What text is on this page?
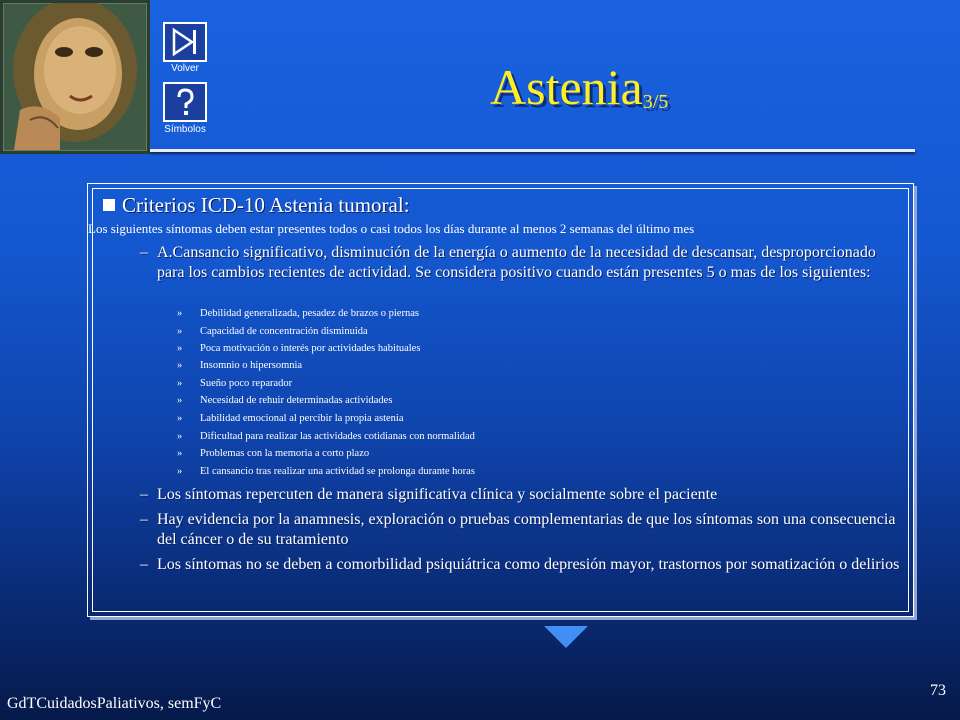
Volver
Símbolos
Astenia$_{3/5}$
Criterios ICD-10 Astenia tumoral:
Los siguientes síntomas deben estar presentes todos o casi todos los días durante al menos 2 semanas del último mes
– A.Cansancio significativo, disminución de la energía o aumento de la necesidad de descansar, desproporcionado para los cambios recientes de actividad. Se considera positivo cuando están presentes 5 o mas de los siguientes:
» Debilidad generalizada, pesadez de brazos o piernas
» Capacidad de concentración disminuida
» Poca motivación o interés por actividades habituales
» Insomnio o hipersomnia
» Sueño poco reparador
» Necesidad de rehuir determinadas actividades
» Labilidad emocional al percibir la propia astenia
» Dificultad para realizar las actividades cotidianas con normalidad
» Problemas con la memoria a corto plazo
» El cansancio tras realizar una actividad se prolonga durante horas
– Los síntomas repercuten de manera significativa clínica y socialmente sobre el paciente
– Hay evidencia por la anamnesis, exploración o pruebas complementarias de que los síntomas son una consecuencia del cáncer o de su tratamiento
– Los síntomas no se deben a comorbilidad psiquiátrica como depresión mayor, trastornos por somatización o delirios
GdTCuidadosPaliativos, semFyC
73
